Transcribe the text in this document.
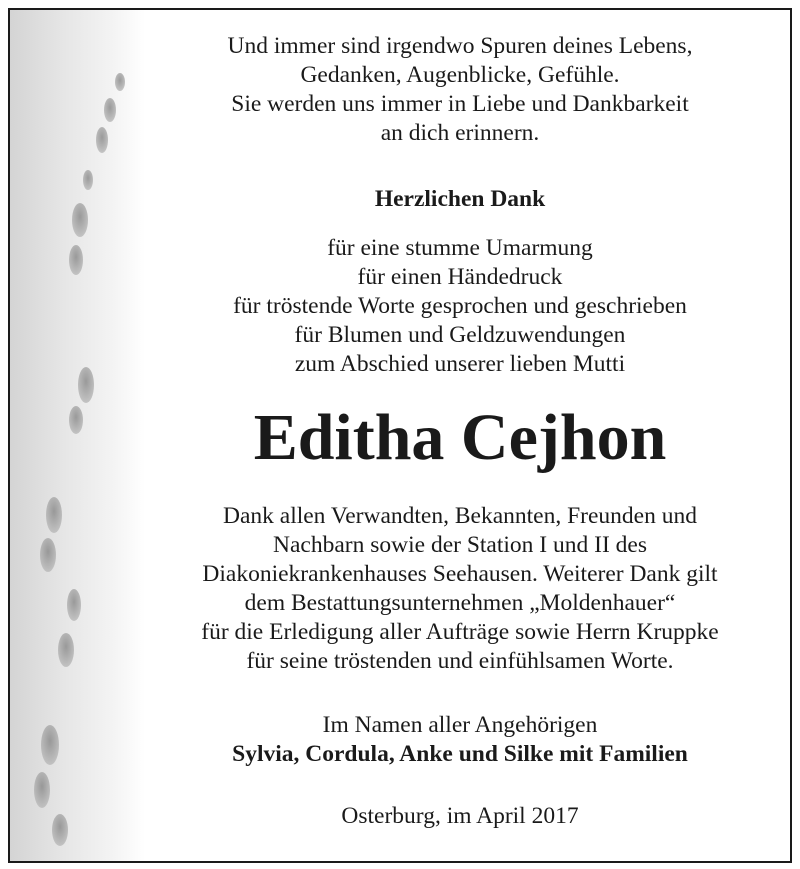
Und immer sind irgendwo Spuren deines Lebens,
Gedanken, Augenblicke, Gefühle.
Sie werden uns immer in Liebe und Dankbarkeit
an dich erinnern.
Herzlichen Dank
für eine stumme Umarmung
für einen Händedruck
für tröstende Worte gesprochen und geschrieben
für Blumen und Geldzuwendungen
zum Abschied unserer lieben Mutti
Editha Cejhon
Dank allen Verwandten, Bekannten, Freunden und
Nachbarn sowie der Station I und II des
Diakoniekrankenhauses Seehausen. Weiterer Dank gilt
dem Bestattungsunternehmen „Moldenhauer“
für die Erledigung aller Aufträge sowie Herrn Kruppke
für seine tröstenden und einfühlsamen Worte.
Im Namen aller Angehörigen
Sylvia, Cordula, Anke und Silke mit Familien
Osterburg, im April 2017
